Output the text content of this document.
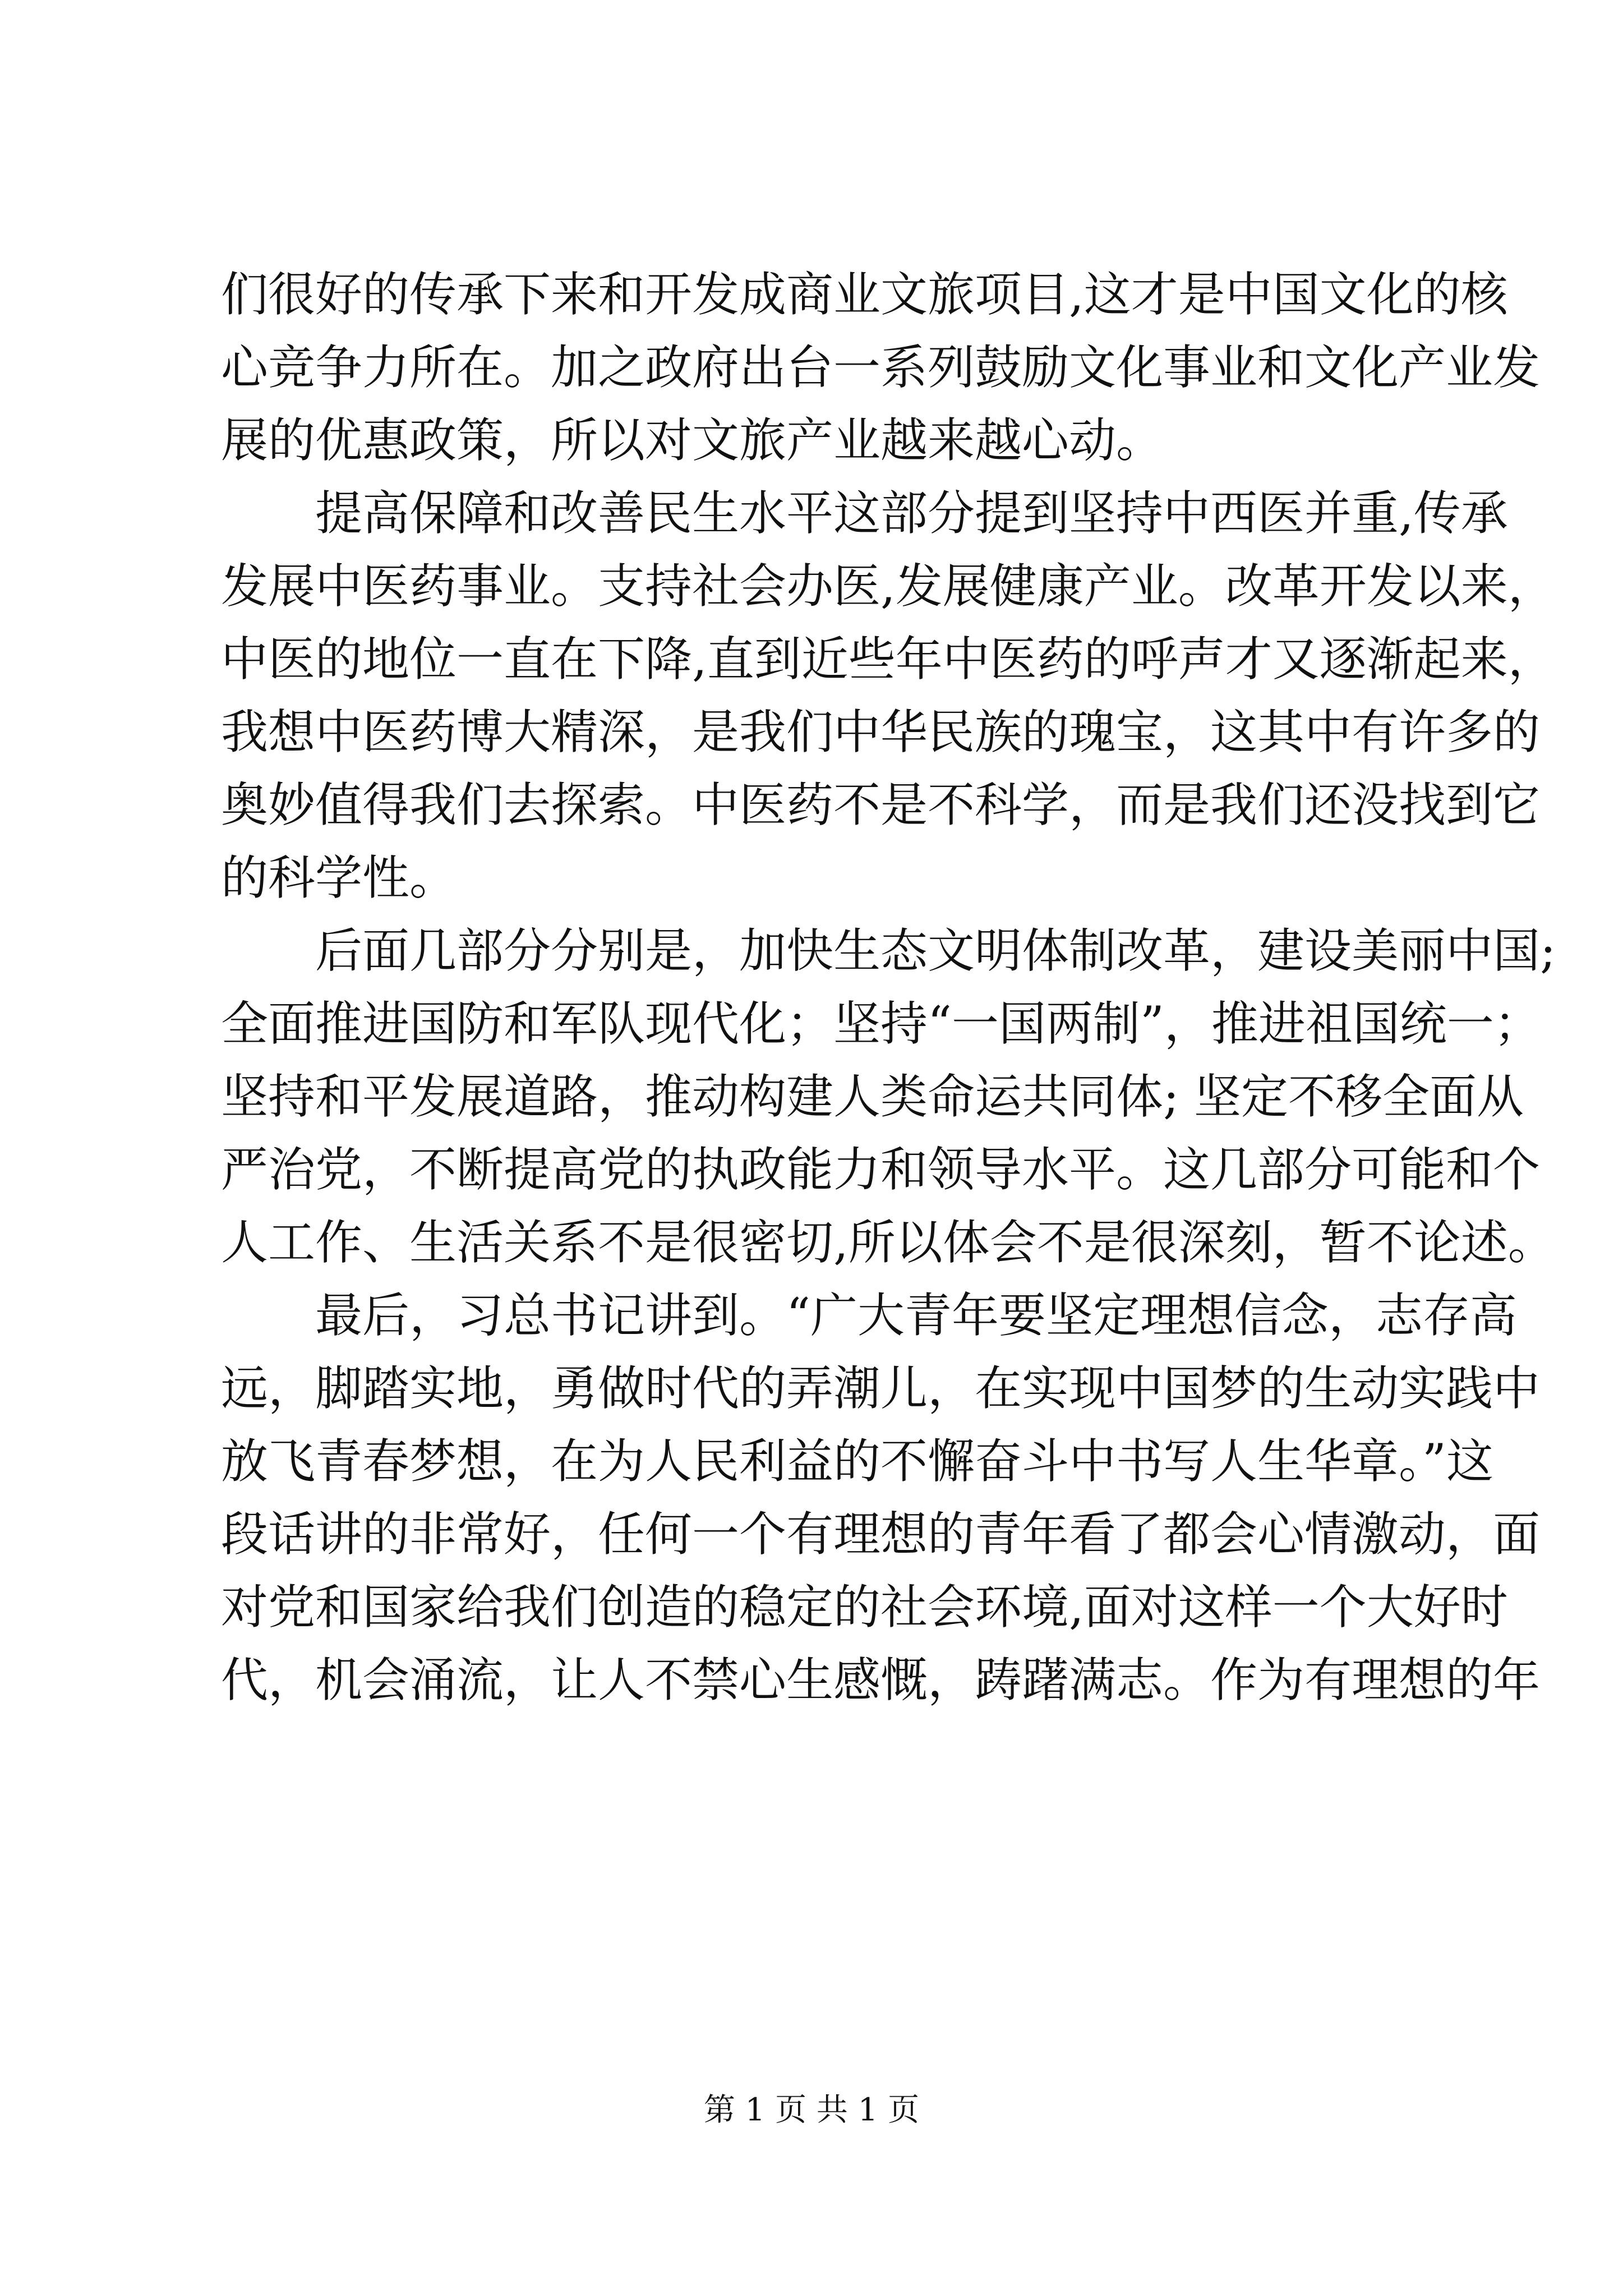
们很好的传承下来和开发成商业文旅项目,这才是中国文化的核
心竞争力所在。加之政府出台一系列鼓励文化事业和文化产业发
展的优惠政策，所以对文旅产业越来越心动。
提高保障和改善民生水平这部分提到坚持中西医并重,传承
发展中医药事业。支持社会办医,发展健康产业。改革开发以来，
中医的地位一直在下降,直到近些年中医药的呼声才又逐渐起来，
我想中医药博大精深，是我们中华民族的瑰宝，这其中有许多的
奥妙值得我们去探索。中医药不是不科学，而是我们还没找到它
的科学性。
后面几部分分别是，加快生态文明体制改革，建设美丽中国;
全面推进国防和军队现代化；坚持“一国两制”，推进祖国统一；
坚持和平发展道路，推动构建人类命运共同体; 坚定不移全面从
严治党，不断提高党的执政能力和领导水平。这几部分可能和个
人工作、生活关系不是很密切,所以体会不是很深刻，暂不论述。
最后，习总书记讲到。“广大青年要坚定理想信念，志存高
远，脚踏实地，勇做时代的弄潮儿，在实现中国梦的生动实践中
放飞青春梦想，在为人民利益的不懈奋斗中书写人生华章。”这
段话讲的非常好，任何一个有理想的青年看了都会心情激动，面
对党和国家给我们创造的稳定的社会环境,面对这样一个大好时
代，机会涌流，让人不禁心生感慨，踌躇满志。作为有理想的年
第 1 页 共 1 页
